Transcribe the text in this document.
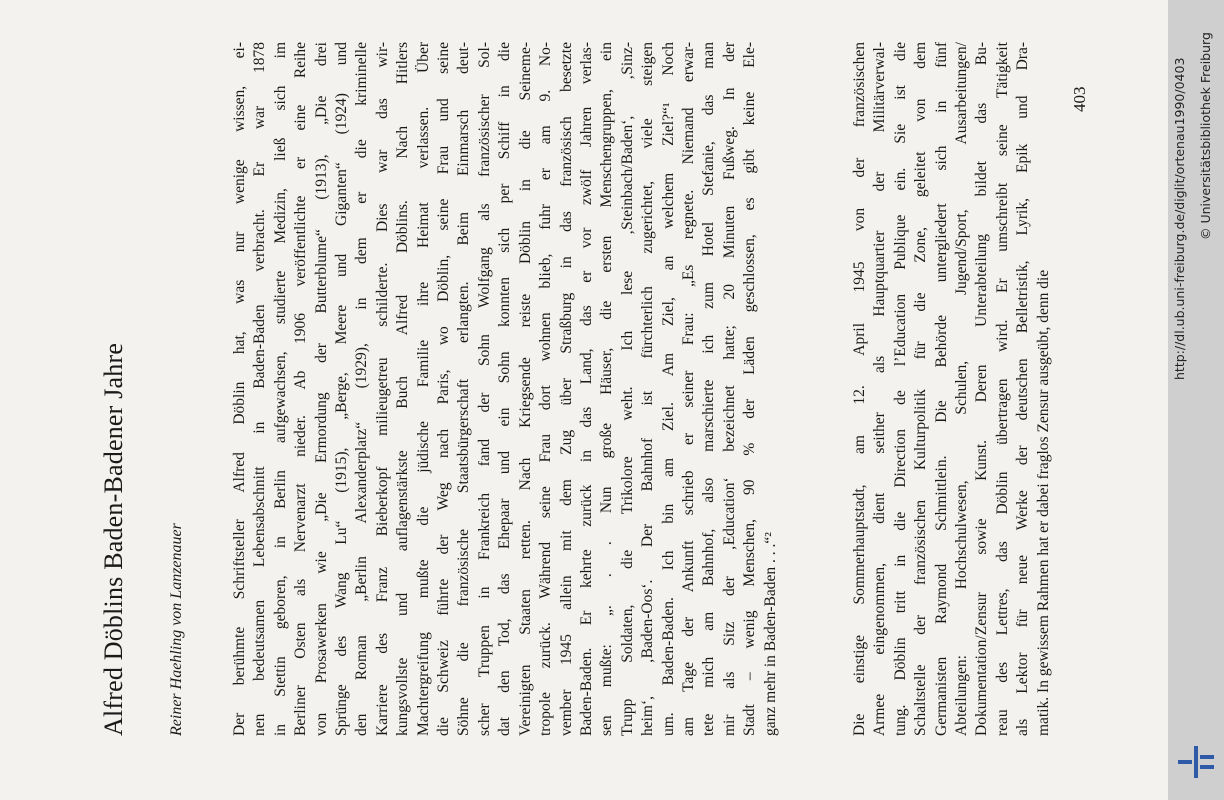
Alfred Döblins Baden-Badener Jahre	Reiner Haehling von Lanzenauer	Der berühmte Schriftsteller Alfred Döblin hat, was nur wenige wissen, ei- nen bedeutsamen Lebensabschnitt in Baden-Baden verbracht. Er war 1878 in Stettin geboren, in Berlin aufgewachsen, studierte Medizin, ließ sich im Berliner Osten als Nervenarzt nieder. Ab 1906 veröffentlichte er eine Reihe von Prosawerken wie „Die Ermordung der Butterblume“ (1913), „Die drei Sprünge des Wang Lu“ (1915), „Berge, Meere und Giganten“ (1924) und den Roman „Berlin Alexanderplatz“ (1929), in dem er die kriminelle Karriere des Franz Bieberkopf milieugetreu schilderte. Dies war das wir- kungsvollste und auflagenstärkste Buch Alfred Döblins. Nach Hitlers Machtergreifung mußte die jüdische Familie ihre Heimat verlassen. Über die Schweiz führte der Weg nach Paris, wo Döblin, seine Frau und seine Söhne die französische Staatsbürgerschaft erlangten. Beim Einmarsch deut- scher Truppen in Frankreich fand der Sohn Wolfgang als französischer Sol- dat den Tod, das Ehepaar und ein Sohn konnten sich per Schiff in die Vereinigten Staaten retten. Nach Kriegsende reiste Döblin in die Seineme- tropole zurück. Während seine Frau dort wohnen blieb, fuhr er am 9. No- vember 1945 allein mit dem Zug über Straßburg in das französisch besetzte Baden-Baden. Er kehrte zurück in das Land, das er vor zwölf Jahren verlas- sen mußte: „. . . Nun große Häuser, die ersten Menschengruppen, ein Trupp Soldaten, die Trikolore weht. Ich lese ‚Steinbach/Baden‘, ‚Sinz- heim‘, ‚Baden-Oos‘. Der Bahnhof ist fürchterlich zugerichtet, viele steigen um. Baden-Baden. Ich bin am Ziel. Am Ziel, an welchem Ziel?“¹ Noch am Tage der Ankunft schrieb er seiner Frau: „Es regnete. Niemand erwar- tete mich am Bahnhof, also marschierte ich zum Hotel Stefanie, das man mir als Sitz der ‚Education‘ bezeichnet hatte; 20 Minuten Fußweg. In der Stadt – wenig Menschen, 90 % der Läden geschlossen, es gibt keine Ele- ganz mehr in Baden-Baden . . .“²	Die einstige Sommerhauptstadt, am 12. April 1945 von der französischen Armee eingenommen, dient seither als Hauptquartier der Militärverwal- tung. Döblin tritt in die Direction de l’Education Publique ein. Sie ist die Schaltstelle der französischen Kulturpolitik für die Zone, geleitet von dem Germanisten Raymond Schmittlein. Die Behörde untergliedert sich in fünf Abteilungen: Hochschulwesen, Schulen, Jugend/Sport, Ausarbeitungen/ Dokumentation/Zensur sowie Kunst. Deren Unterabteilung bildet das Bu- reau des Lettres, das Döblin übertragen wird. Er umschreibt seine Tätigkeit als Lektor für neue Werke der deutschen Belletristik, Lyrik, Epik und Dra- matik. In gewissem Rahmen hat er dabei fraglos Zensur ausgeübt, denn die

403	http://dl.ub.uni-freiburg.de/diglit/ortenau1990/0403 © Universitätsbibliothek Freiburg
